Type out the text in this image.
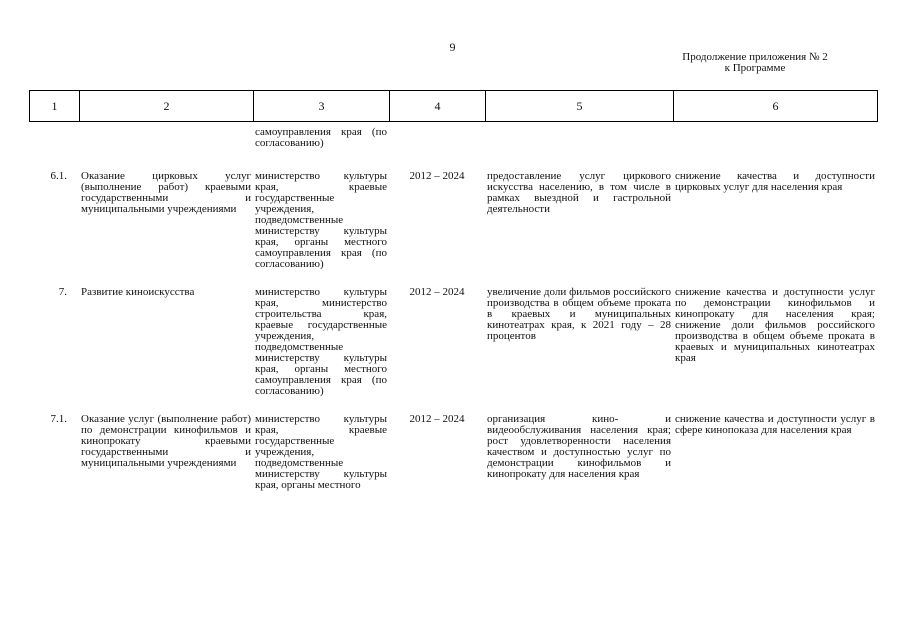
9
Продолжение приложения № 2
к Программе
1	2	3	4	5	6
		самоуправления края (по согласованию)			
6.1.	Оказание цирковых услуг (выполнение работ) краевыми государственными и муниципальными учреждениями	министерство культуры края, краевые государственные учреждения, подведомственные министерству культуры края, органы местного самоуправления края (по согласованию)	2012 – 2024	предоставление услуг циркового искусства населению, в том числе в рамках выездной и гастрольной деятельности	снижение качества и доступности цирковых услуг для населения края
7.	Развитие киноискусства	министерство культуры края, министерство строительства края, краевые государственные учреждения, подведомственные министерству культуры края, органы местного самоуправления края (по согласованию)	2012 – 2024	увеличение доли фильмов российского производства в общем объеме проката в краевых и муниципальных кинотеатрах края, к 2021 году – 28 процентов	снижение качества и доступности услуг по демонстрации кинофильмов и кинопрокату для населения края; снижение доли фильмов российского производства в общем объеме проката в краевых и муниципальных кинотеатрах края
7.1.	Оказание услуг (выполнение работ) по демонстрации кинофильмов и кинопрокату краевыми государственными и муниципальными учреждениями	министерство культуры края, краевые государственные учреждения, подведомственные министерству культуры края, органы местного	2012 – 2024	организация кино- и видеообслуживания населения края; рост удовлетворенности населения качеством и доступностью услуг по демонстрации кинофильмов и кинопрокату для населения края	снижение качества и доступности услуг в сфере кинопоказа для населения края
